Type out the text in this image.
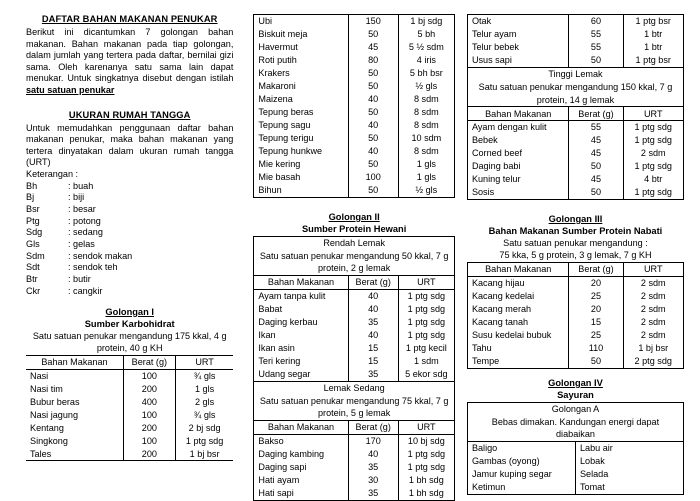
DAFTAR BAHAN MAKANAN PENUKAR

Berikut ini dicantumkan 7 golongan bahan makanan. Bahan makanan pada tiap golongan, dalam jumlah yang tertera pada daftar, bernilai gizi sama. Oleh karenanya satu sama lain dapat menukar. Untuk singkatnya disebut dengan istilah satu satuan penukar

UKURAN RUMAH TANGGA

Untuk memudahkan penggunaan daftar bahan makanan penukar, maka bahan makanan yang tertera dinyatakan dalam ukuran rumah tangga (URT)

Keterangan :
Bh	: buah
Bj	: biji
Bsr	: besar
Ptg	: potong
Sdg	: sedang
Gls	: gelas
Sdm	: sendok makan
Sdt	: sendok teh
Btr	: butir
Ckr	: cangkir
Golongan I
Sumber Karbohidrat
Satu satuan penukar mengandung 175 kkal, 4 g protein, 40 g KH
Bahan Makanan	Berat (g)	URT
Nasi	100	¾ gls
Nasi tim	200	1 gls
Bubur beras	400	2 gls
Nasi jagung	100	¾ gls
Kentang	200	2 bj sdg
Singkong	100	1 ptg sdg
Tales	200	1 bj bsr
Ubi	150	1 bj sdg
Biskuit meja	50	5 bh
Havermut	45	5 ½ sdm
Roti putih	80	4 iris
Krakers	50	5 bh bsr
Makaroni	50	½ gls
Maizena	40	8 sdm
Tepung beras	50	8 sdm
Tepung sagu	40	8 sdm
Tepung terigu	50	10 sdm
Tepung hunkwe	40	8 sdm
Mie kering	50	1 gls
Mie basah	100	1 gls
Bihun	50	½ gls
Golongan II
Sumber Protein Hewani
Rendah Lemak		
Satu satuan penukar mengandung 50 kkal, 7 g protein, 2 g lemak		
Bahan Makanan	Berat (g)	URT
Ayam tanpa kulit	40	1 ptg sdg
Babat	40	1 ptg sdg
Daging kerbau	35	1 ptg sdg
Ikan	40	1 ptg sdg
Ikan asin	15	1 ptg kecil
Teri kering	15	1 sdm
Udang segar	35	5 ekor sdg
Lemak Sedang		
Satu satuan penukar mengandung 75 kkal, 7 g protein, 5 g lemak		
Bahan Makanan	Berat (g)	URT
Bakso	170	10 bj sdg
Daging kambing	40	1 ptg sdg
Daging sapi	35	1 ptg sdg
Hati ayam	30	1 bh sdg
Hati sapi	35	1 bh sdg
Otak	60	1 ptg bsr
Telur ayam	55	1 btr
Telur bebek	55	1 btr
Usus sapi	50	1 ptg bsr
Tinggi Lemak		
Satu satuan penukar mengandung 150 kkal, 7 g protein, 14 g lemak		
Bahan Makanan	Berat (g)	URT
Ayam dengan kulit	55	1 ptg sdg
Bebek	45	1 ptg sdg
Corned beef	45	2 sdm
Daging babi	50	1 ptg sdg
Kuning telur	45	4 btr
Sosis	50	1 ptg sdg
Golongan III
Bahan Makanan Sumber Protein Nabati
Satu satuan penukar mengandung :
75 kka, 5 g protein, 3 g lemak, 7 g KH
Bahan Makanan	Berat (g)	URT
Kacang hijau	20	2 sdm
Kacang kedelai	25	2 sdm
Kacang merah	20	2 sdm
Kacang tanah	15	2 sdm
Susu kedelai bubuk	25	2 sdm
Tahu	110	1 bj bsr
Tempe	50	2 ptg sdg
Golongan IV
Sayuran
Golongan A	
Bebas dimakan. Kandungan energi dapat diabaikan	
Baligo	Labu air
Gambas (oyong)	Lobak
Jamur kuping segar	Selada
Ketimun	Tomat
